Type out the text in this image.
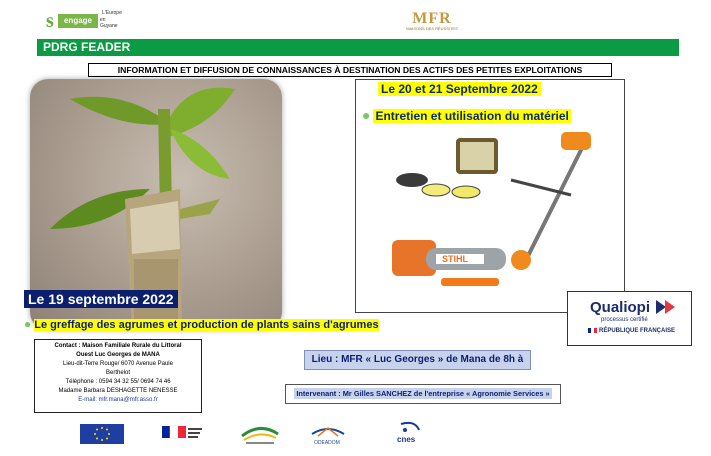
s	engage
L'Europe
en Guyane	MFR
MAISONS DES RÉUSSITES
PDRG FEADER
INFORMATION ET DIFFUSION DE CONNAISSANCES À DESTINATION DES ACTIFS DES PETITES EXPLOITATIONS
STIHL
Le 20 et 21 Septembre 2022
● Entretien et utilisation du matériel
Le 19 septembre 2022
● Le greffage des agrumes et production de plants sains d'agrumes
Contact : Maison Familiale Rurale du Littoral
Ouest Luc Georges de MANA
Lieu-dit-Terre Rouge/ 6070 Avenue Paule
Berthelot
Téléphone : 0594 34 32 55/ 0694 74 46
Madame Barbara DESHAGETTE NENESSE
E-mail: mfr.mana@mfr.asso.fr
Lieu : MFR « Luc Georges » de Mana de 8h à
Intervenant : Mr Gilles SANCHEZ de l'entreprise « Agronomie Services »
Qualiopi
processus certifié
RÉPUBLIQUE FRANÇAISE
ODEADOM	cnes
